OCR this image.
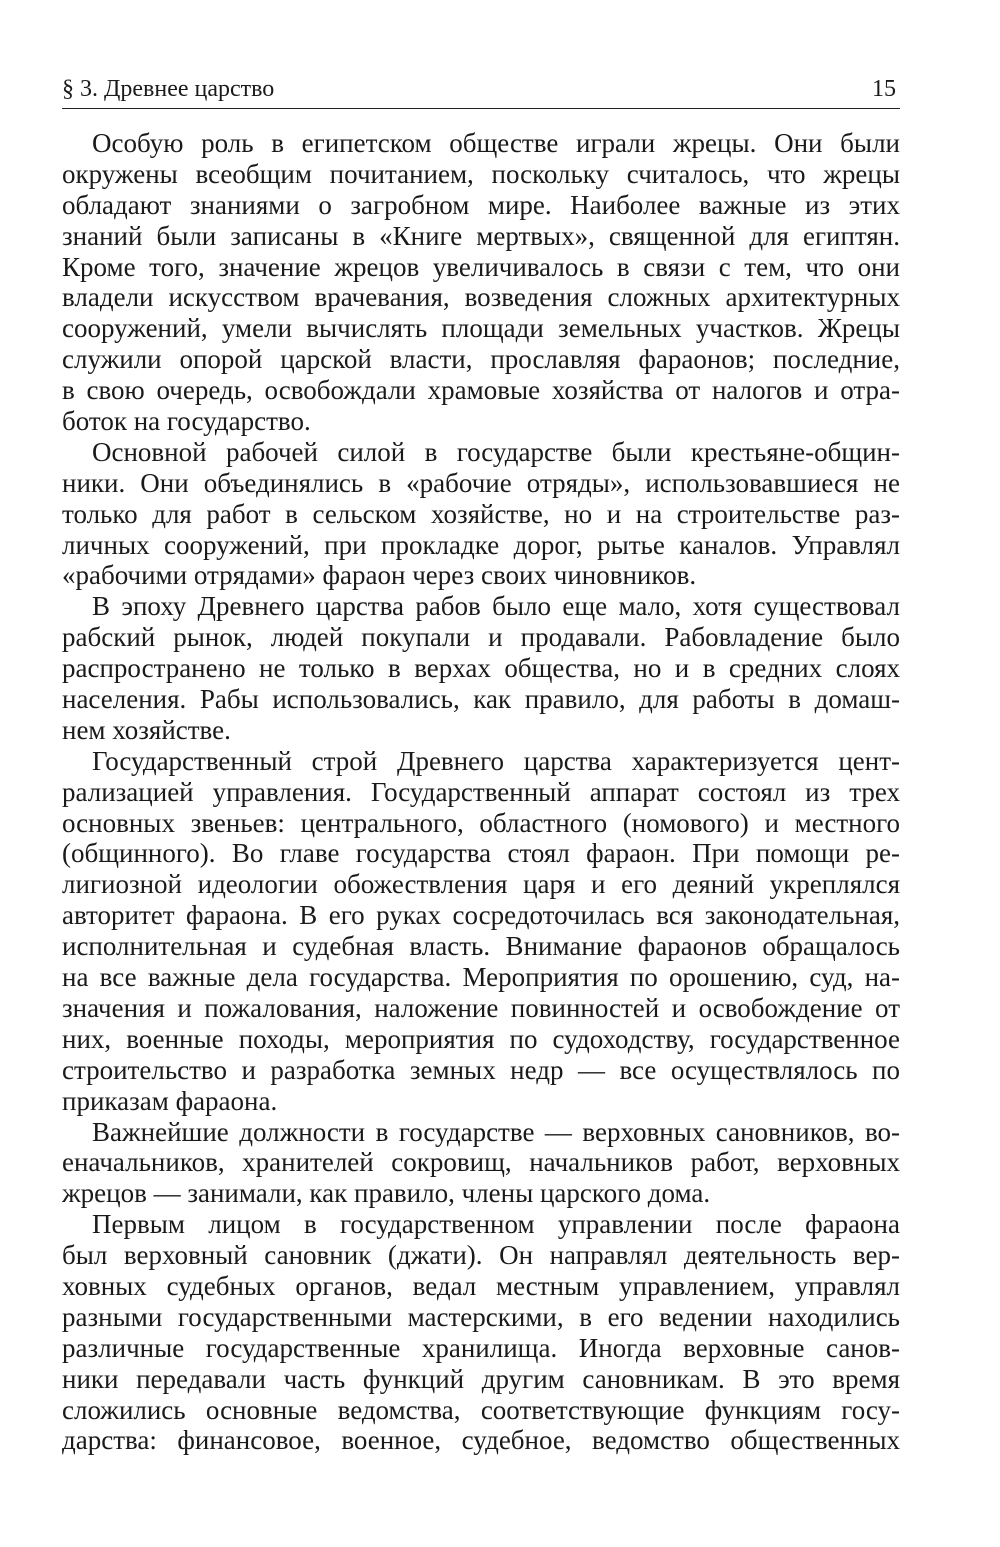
§ 3. Древнее царство	15
Особую роль в египетском обществе играли жрецы. Они были
окружены всеобщим почитанием, поскольку считалось, что жрецы
обладают знаниями о загробном мире. Наиболее важные из этих
знаний были записаны в «Книге мертвых», священной для египтян.
Кроме того, значение жрецов увеличивалось в связи с тем, что они
владели искусством врачевания, возведения сложных архитектурных
сооружений, умели вычислять площади земельных участков. Жрецы
служили опорой царской власти, прославляя фараонов; последние,
в свою очередь, освобождали храмовые хозяйства от налогов и отра-
боток на государство.
Основной рабочей силой в государстве были крестьяне-общин-
ники. Они объединялись в «рабочие отряды», использовавшиеся не
только для работ в сельском хозяйстве, но и на строительстве раз-
личных сооружений, при прокладке дорог, рытье каналов. Управлял
«рабочими отрядами» фараон через своих чиновников.
В эпоху Древнего царства рабов было еще мало, хотя существовал
рабский рынок, людей покупали и продавали. Рабовладение было
распространено не только в верхах общества, но и в средних слоях
населения. Рабы использовались, как правило, для работы в домаш-
нем хозяйстве.
Государственный строй Древнего царства характеризуется цент-
рализацией управления. Государственный аппарат состоял из трех
основных звеньев: центрального, областного (номового) и местного
(общинного). Во главе государства стоял фараон. При помощи ре-
лигиозной идеологии обожествления царя и его деяний укреплялся
авторитет фараона. В его руках сосредоточилась вся законодательная,
исполнительная и судебная власть. Внимание фараонов обращалось
на все важные дела государства. Мероприятия по орошению, суд, на-
значения и пожалования, наложение повинностей и освобождение от
них, военные походы, мероприятия по судоходству, государственное
строительство и разработка земных недр — все осуществлялось по
приказам фараона.
Важнейшие должности в государстве — верховных сановников, во-
еначальников, хранителей сокровищ, начальников работ, верховных
жрецов — занимали, как правило, члены царского дома.
Первым лицом в государственном управлении после фараона
был верховный сановник (джати). Он направлял деятельность вер-
ховных судебных органов, ведал местным управлением, управлял
разными государственными мастерскими, в его ведении находились
различные государственные хранилища. Иногда верховные санов-
ники передавали часть функций другим сановникам. В это время
сложились основные ведомства, соответствующие функциям госу-
дарства: финансовое, военное, судебное, ведомство общественных
